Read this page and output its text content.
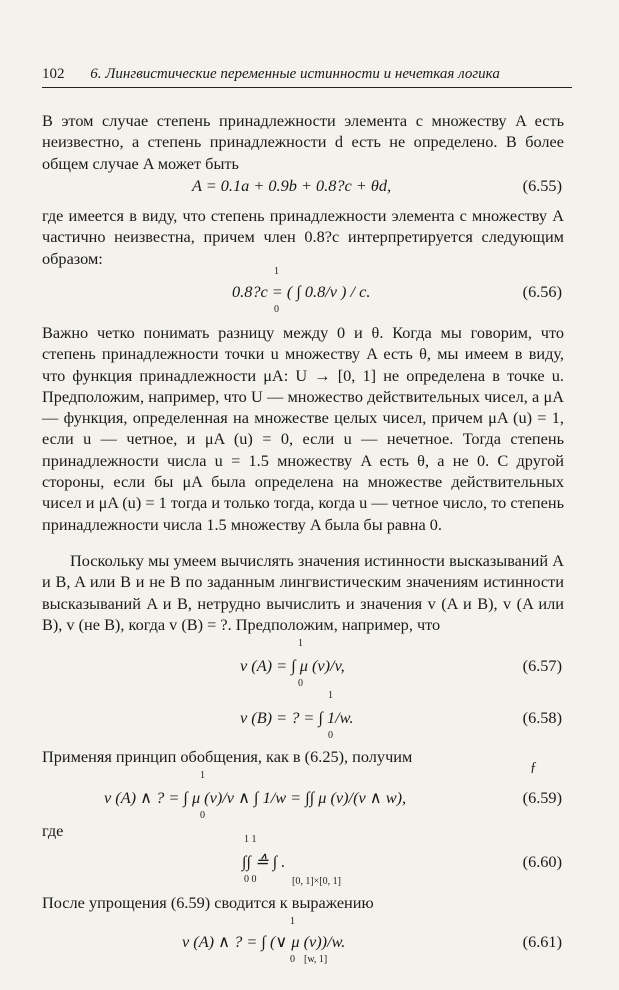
102 6. Лингвистические переменные истинности и нечеткая логика
В этом случае степень принадлежности элемента c множеству A есть неизвестно, а степень принадлежности d есть не определено. В более общем случае A может быть
A = 0.1a + 0.9b + 0.8?c + θd,	(6.55)
где имеется в виду, что степень принадлежности элемента c множеству A частично неизвестна, причем член 0.8?c интерпретируется следующим образом:
1
0
0.8?c = ( ∫ 0.8/v ) / c.	(6.56)
Важно четко понимать разницу между 0 и θ. Когда мы говорим, что степень принадлежности точки u множеству A есть θ, мы имеем в виду, что функция принадлежности μA: U → [0, 1] не определена в точке u. Предположим, например, что U — множество действительных чисел, а μA — функция, определенная на множестве целых чисел, причем μA (u) = 1, если u — четное, и μA (u) = 0, если u — нечетное. Тогда степень принадлежности числа u = 1.5 множеству A есть θ, а не 0. С другой стороны, если бы μA была определена на множестве действительных чисел и μA (u) = 1 тогда и только тогда, когда u — четное число, то степень принадлежности числа 1.5 множеству A была бы равна 0.
Поскольку мы умеем вычислять значения истинности высказываний A и B, A или B и не B по заданным лингвистическим значениям истинности высказываний A и B, нетрудно вычислить и значения v (A и B), v (A или B), v (не B), когда v (B) = ?. Предположим, например, что
1
0
v (A) = ∫ μ (v)/v,	(6.57)
1
0
v (B) = ? = ∫ 1/w.	(6.58)
Применяя принцип обобщения, как в (6.25), получим
ƒ
1
0
v (A) ∧ ? = ∫ μ (v)/v ∧ ∫ 1/w = ∫∫ μ (v)/(v ∧ w),	(6.59)
где	1 1
0 0	[0, 1]×[0, 1]
∫∫ ≙ ∫ .	(6.60)
После упрощения (6.59) сводится к выражению
1
0 [w, 1]
v (A) ∧ ? = ∫ (∨ μ (v))/w.	(6.61)
